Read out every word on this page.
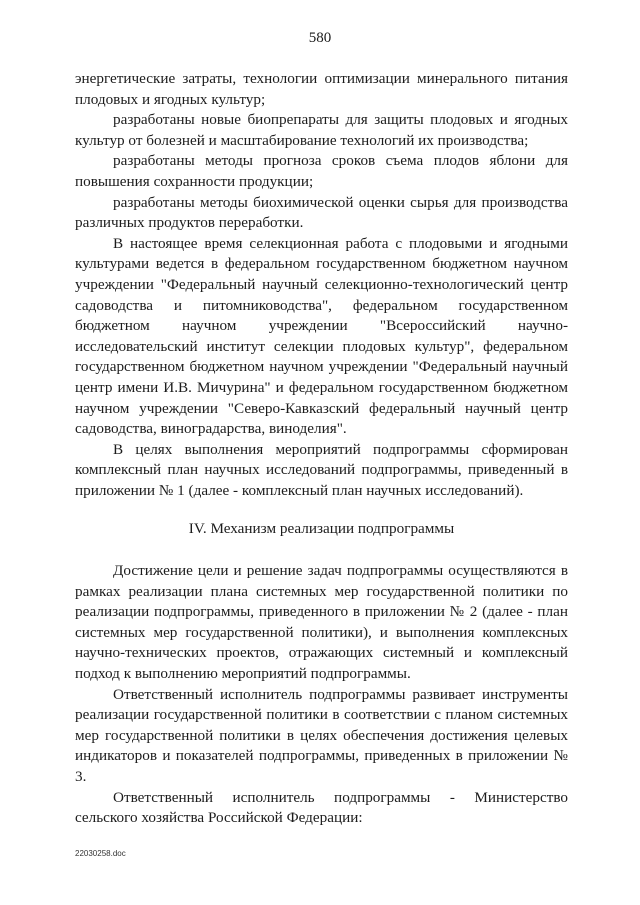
580

энергетические затраты, технологии оптимизации минерального питания плодовых и ягодных культур;

разработаны новые биопрепараты для защиты плодовых и ягодных культур от болезней и масштабирование технологий их производства;

разработаны методы прогноза сроков съема плодов яблони для повышения сохранности продукции;

разработаны методы биохимической оценки сырья для производства различных продуктов переработки.

В настоящее время селекционная работа с плодовыми и ягодными культурами ведется в федеральном государственном бюджетном научном учреждении "Федеральный научный селекционно-технологический центр садоводства и питомниководства", федеральном государственном бюджетном научном учреждении "Всероссийский научно-исследовательский институт селекции плодовых культур", федеральном государственном бюджетном научном учреждении "Федеральный научный центр имени И.В. Мичурина" и федеральном государственном бюджетном научном учреждении "Северо-Кавказский федеральный научный центр садоводства, виноградарства, виноделия".

В целях выполнения мероприятий подпрограммы сформирован комплексный план научных исследований подпрограммы, приведенный в приложении № 1 (далее - комплексный план научных исследований).

IV. Механизм реализации подпрограммы

Достижение цели и решение задач подпрограммы осуществляются в рамках реализации плана системных мер государственной политики по реализации подпрограммы, приведенного в приложении № 2 (далее - план системных мер государственной политики), и выполнения комплексных научно-технических проектов, отражающих системный и комплексный подход к выполнению мероприятий подпрограммы.

Ответственный исполнитель подпрограммы развивает инструменты реализации государственной политики в соответствии с планом системных мер государственной политики в целях обеспечения достижения целевых индикаторов и показателей подпрограммы, приведенных в приложении № 3.

Ответственный исполнитель подпрограммы - Министерство сельского хозяйства Российской Федерации:

22030258.doc
